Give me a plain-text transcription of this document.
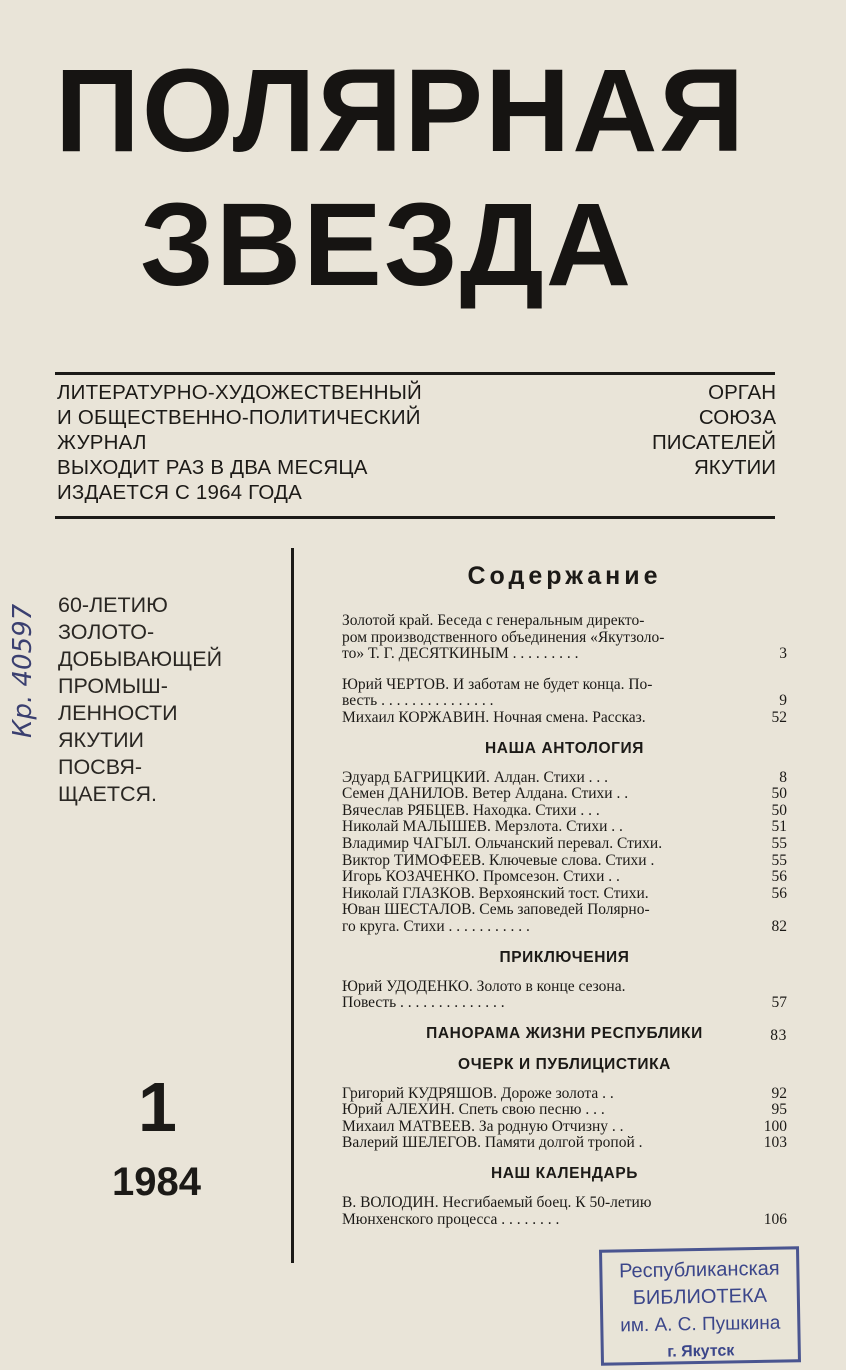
ПОЛЯРНАЯ
ЗВЕЗДА
ЛИТЕРАТУРНО-ХУДОЖЕСТВЕННЫЙ
И ОБЩЕСТВЕННО-ПОЛИТИЧЕСКИЙ
ЖУРНАЛ
ВЫХОДИТ РАЗ В ДВА МЕСЯЦА
ИЗДАЕТСЯ С 1964 ГОДА
ОРГАН
СОЮЗА
ПИСАТЕЛЕЙ
ЯКУТИИ
Кр. 40597 60-ЛЕТИЮ
ЗОЛОТО-
ДОБЫВАЮЩЕЙ
ПРОМЫШ-
ЛЕННОСТИ
ЯКУТИИ
ПОСВЯ-
ЩАЕТСЯ.
1
1984
Содержание
Золотой край. Беседа с генеральным директо-
ром производственного объединения «Якутзоло-
то» Т. Г. ДЕСЯТКИНЫМ . . . . . . . . .	3
Юрий ЧЕРТОВ. И заботам не будет конца. По-
весть . . . . . . . . . . . . . . .	9
Михаил КОРЖАВИН. Ночная смена. Рассказ.	52
НАША АНТОЛОГИЯ
Эдуард БАГРИЦКИЙ. Алдан. Стихи . . .	8
Семен ДАНИЛОВ. Ветер Алдана. Стихи . .	50
Вячеслав РЯБЦЕВ. Находка. Стихи . . .	50
Николай МАЛЫШЕВ. Мерзлота. Стихи . .	51
Владимир ЧАГЫЛ. Ольчанский перевал. Стихи.	55
Виктор ТИМОФЕЕВ. Ключевые слова. Стихи .	55
Игорь КОЗАЧЕНКО. Промсезон. Стихи . .	56
Николай ГЛАЗКОВ. Верхоянский тост. Стихи.	56
Юван ШЕСТАЛОВ. Семь заповедей Полярно-
го круга. Стихи . . . . . . . . . . .	82
ПРИКЛЮЧЕНИЯ
Юрий УДОДЕНКО. Золото в конце сезона.
Повесть . . . . . . . . . . . . . .	57
ПАНОРАМА ЖИЗНИ РЕСПУБЛИКИ	83
ОЧЕРК И ПУБЛИЦИСТИКА
Григорий КУДРЯШОВ. Дороже золота . .	92
Юрий АЛЕХИН. Спеть свою песню . . .	95
Михаил МАТВЕЕВ. За родную Отчизну . .	100
Валерий ШЕЛЕГОВ. Памяти долгой тропой .	103
НАШ КАЛЕНДАРЬ
В. ВОЛОДИН. Несгибаемый боец. К 50-летию
Мюнхенского процесса . . . . . . . .	106
Республиканская
БИБЛИОТЕКА
им. А. С. Пушкина
г. Якутск
